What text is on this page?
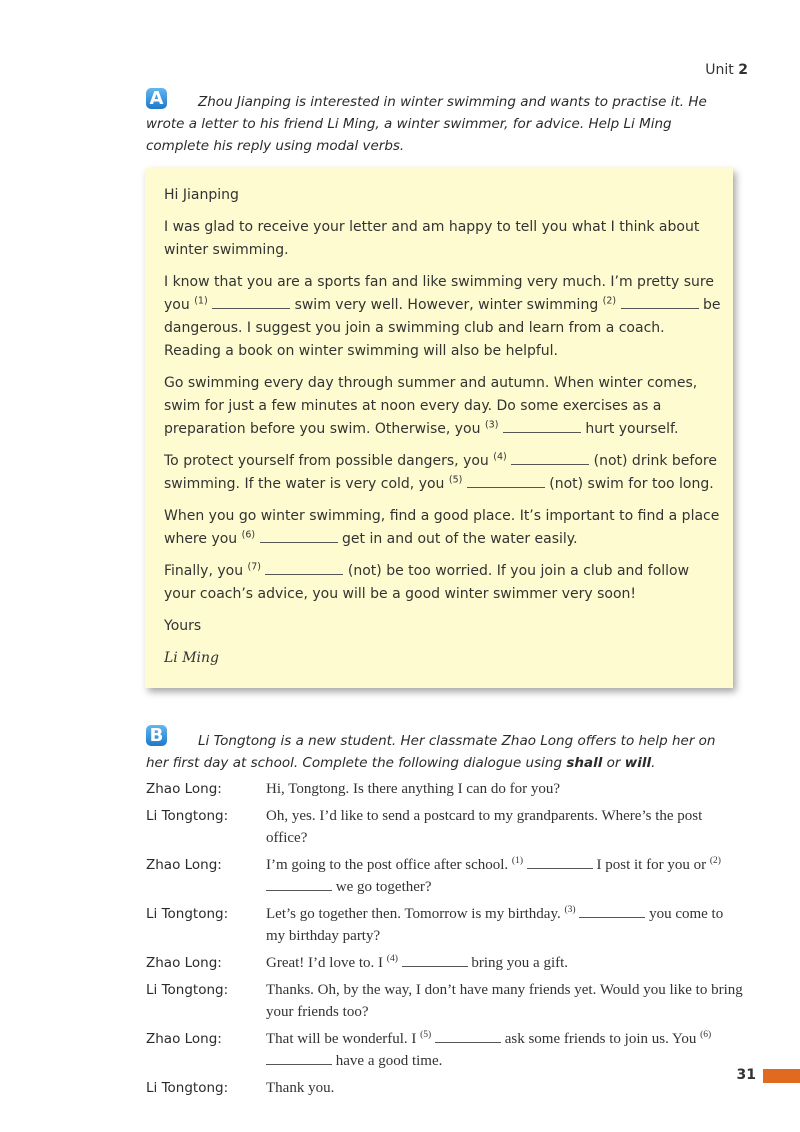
Unit 2
A	Zhou Jianping is interested in winter swimming and wants to practise it. He wrote a letter to his friend Li Ming, a winter swimmer, for advice. Help Li Ming complete his reply using modal verbs.

Hi Jianping

I was glad to receive your letter and am happy to tell you what I think about winter swimming.

I know that you are a sports fan and like swimming very much. I’m pretty sure you $^{(1)}$	swim very well. However, winter swimming $^{(2)}$	be dangerous. I suggest you join a swimming club and learn from a coach. Reading a book on winter swimming will also be helpful.

Go swimming every day through summer and autumn. When winter comes, swim for just a few minutes at noon every day. Do some exercises as a preparation before you swim. Otherwise, you $^{(3)}$	hurt yourself.

To protect yourself from possible dangers, you $^{(4)}$	(not) drink before swimming. If the water is very cold, you $^{(5)}$	(not) swim for too long.

When you go winter swimming, find a good place. It’s important to find a place where you $^{(6)}$	get in and out of the water easily.

Finally, you $^{(7)}$	(not) be too worried. If you join a club and follow your coach’s advice, you will be a good winter swimmer very soon!

Yours

Li Ming

B	Li Tongtong is a new student. Her classmate Zhao Long offers to help her on her first day at school. Complete the following dialogue using shall or will.
Zhao Long:	Hi, Tongtong. Is there anything I can do for you?
Li Tongtong:	Oh, yes. I’d like to send a postcard to my grandparents. Where’s the post office?
Zhao Long:	I’m going to the post office after school. $^{(1)}$	I post it for you or $^{(2)}$  we go together?
Li Tongtong:	Let’s go together then. Tomorrow is my birthday. $^{(3)}$	you come to my birthday party?
Zhao Long:	Great! I’d love to. I $^{(4)}$	bring you a gift.
Li Tongtong:	Thanks. Oh, by the way, I don’t have many friends yet. Would you like to bring your friends too?
Zhao Long:	That will be wonderful. I $^{(5)}$	ask some friends to join us. You $^{(6)}$  have a good time.
Li Tongtong:	Thank you.
31
